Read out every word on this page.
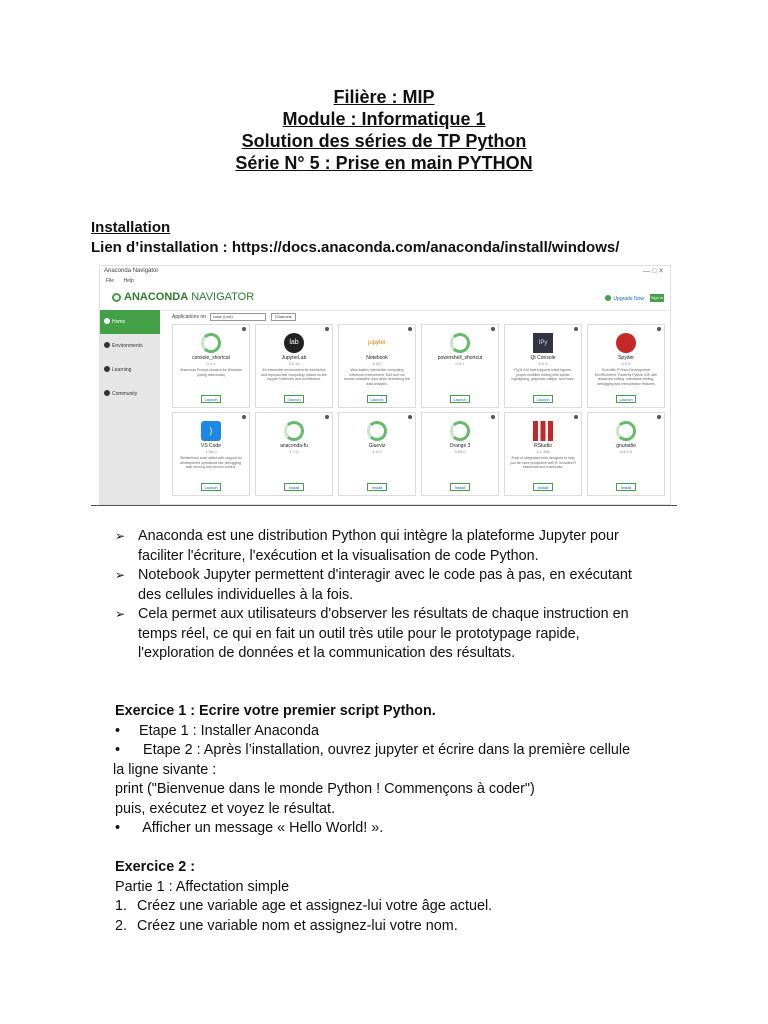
Filière : MIP
Module : Informatique 1
Solution des séries de TP Python
Série N° 5 : Prise en main PYTHON
Installation
Lien d’installation : https://docs.anaconda.com/anaconda/install/windows/
Anaconda Navigator	— □ ✕
File Help
ANACONDA NAVIGATOR	Upgrade Now Sign in
Home
Environments
Learning
Community
Applications on base (root)	Channels
console_shortcut
0.1.1
Anaconda Prompt shortcut for Windows (using miniconda)
Launch
lab
JupyterLab
3.0.14
An extensible environment for interactive and reproducible computing, based on the Jupyter Notebook and Architecture.
Launch
jupyter
Notebook
6.3.0
Web-based, interactive computing notebook environment. Edit and run human-readable docs while describing the data analysis.
Launch
powershell_shortcut
0.0.1
Launch
IPy
Qt Console
5.0.3
PyQt GUI that supports inline figures, proper multiline editing with syntax highlighting, graphical calltips, and more.
Launch
Spyder
4.2.5
Scientific PYthon Development EnviRonment. Powerful Python IDE with advanced editing, interactive testing, debugging and introspection features
Launch
⟩
VS Code
1.56.0
Streamlined code editor with support for development operations like debugging, task running and version control.
Launch
anaconda-fu
1.7.2
Install
Glueviz
1.0.0
Install
Orange 3
3.26.0
Install
RStudio
1.1.456
A set of integrated tools designed to help you be more productive with R. Includes R essentials and notebooks.
Install
gnuradio
3.8.2.0
Install
➢ Anaconda est une distribution Python qui intègre la plateforme Jupyter pour
faciliter l'écriture, l'exécution et la visualisation de code Python.
➢ Notebook Jupyter permettent d'interagir avec le code pas à pas, en exécutant
des cellules individuelles à la fois.
➢ Cela permet aux utilisateurs d'observer les résultats de chaque instruction en
temps réel, ce qui en fait un outil très utile pour le prototypage rapide,
l'exploration de données et la communication des résultats.
Exercice 1 : Ecrire votre premier script Python.
• Etape 1 : Installer Anaconda
• Etape 2 : Après l’installation, ouvrez jupyter et écrire dans la première cellule
la ligne sivante :
print ("Bienvenue dans le monde Python ! Commençons à coder")
puis, exécutez et voyez le résultat.
• Afficher un message « Hello World! ».
Exercice 2 :
Partie 1 : Affectation simple
1. Créez une variable age et assignez-lui votre âge actuel.
2. Créez une variable nom et assignez-lui votre nom.
